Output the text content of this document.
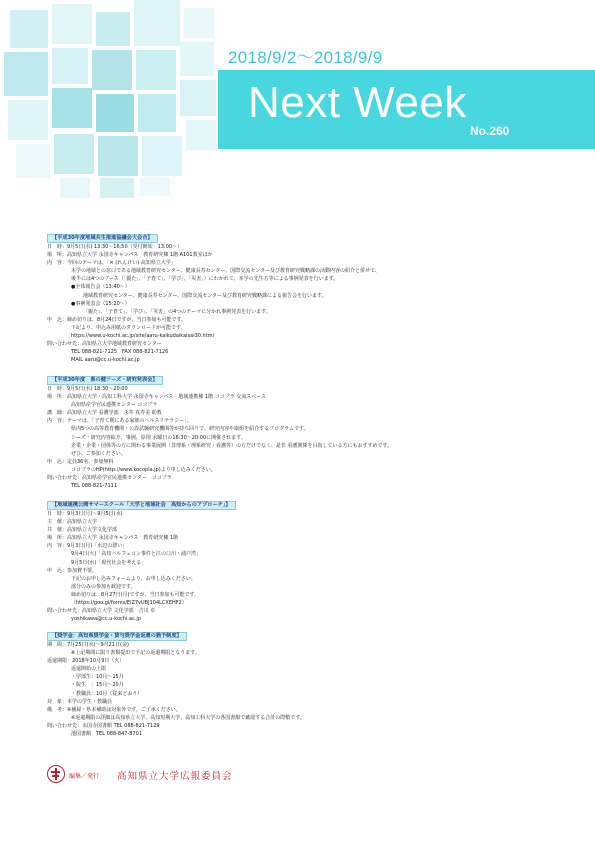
2018/9/2～2018/9/9
Next Week
No.260
【平成30年度地域共生推進協議会大会合】
日　時：9月5日(水) 13:30～16:50（受付開始　13:00～）
場　所：高知県立大学 永国寺キャンパス　教育研究棟 1階 A101教室ほか
内　容：今回のテーマは、「× (れんけい) 高知県立大学」
本学の地域との窓口である地域教育研究センター、健康長寿センター、国際交流センター及び教育研究戦略課の活動内容の紹介と併せて、
後半には4つのブース（「親た」、「子育て」、「学び」、「災害」）にわかれて、本学の先生方等による事例発表を行います。
●全体報告会（13:40～）
地域教育研究センター、健康長寿センター、国際交流センター及び教育研究戦略課による報告会を行います。
●事例発表会（15:20～）
「親た」、「子育て」、「学び」、「災害」の4つのテーマに分かれ事例発表を行います。
申　込：締め切りは、8月24日ですが、当日参加も可能です。
下記より、申込み用紙のダウンロードが可能です。
https://www.u-kochi.ac.jp/site/aaru-kaikudaikaisai30.html
問い合わせ先：高知県立大学地域教育研究センター
TEL 088-821-7125　FAX 088-821-7126
MAIL aaru@cc.u-kochi.ac.jp
【平成30年度　県の健ツーズ・研究発表会】
日　時：9月5日(水) 18:30～20:00
場　所：高知県立大学・高知工科大学 永国寺キャンパス　地域連携棟 1階 ココプラ 交流スペース
高知県産学官民連携センター ココプラ
講　師：高知県立大学 看護学部　永井 真寿美 助教
内　容：テーマは、「子育て期にある家族のヘルスリテラシー」。
県内5つの高等教育機関・公設試験研究機関等が持ち回りで、研究内容や取組を紹介するプログラムです。
シーズ・研究内容紹介、事例、原則 水曜日の18:30～20:00に開催されます。
企業・企業・団体等の方に関わる事業展開（非理系・理系研究・看護等）の方だけでなく、是非 看護関係を目指している方にもおすすめです。
ぜひ、ご参加ください。
申　込：定員36名、参加無料
ココプラのHP(http://www.kocopla.jp)より申し込みください。
問い合わせ先：高知県産学官民連携センター　ココプラ
TEL 088-821-7111
【地域連携公開サマースクール「大学と地域社会　高知からのアプローチ」】
日　時：9月3日(月)～9月5日(水)
主　催：高知県立大学
共　催：高知県立大学文化学部
場　所：高知県立大学 永国寺キャンパス　教育研究棟 1階
内　容：9月3日(月)「水辺の憩い」
9月4日(火)「高知ハルフェコン事件と江の口川・浦戸湾」
9月5日(水)「現代社会を考える」
申　込：参加費不要。
下記のお申し込みフォームより、お申し込みください。
部分のみの参加も歓迎です。
締め切りは、8月27日(月)ですが、当日参加も可能です。
（https://goo.gl/forms/EiZ7vUBJ104LCXEHF2）
問い合わせ先：高知県立大学 文化学部　吉川 卓
yoshikawa@cc.u-kochi.ac.jp
【奨学金：高知県奨学金・貸与奨学金返還の猶予制度】
期　間：7月25日(水)～9月21日(金)
※上記期間に限り書類提出で下記の返還期限となります。
返還期限：2018年10月9日（火）
返還開始の上限
・学部生：10月～15月
・院生　：15月～20月
・教職員：10月（従来どおり）
対　象：本学の学生・教職員
備　考：※補録・県本補助は対象外です。ご了承ください。
※返還期限の詳細は高知県立大学、高知短期大学、高知工科大学の各国書館で確認する合計の際敷です。
問い合わせ先：永国寺図書館 TEL 088-821-7129
池図書館　TEL 088-847-8701
編集／発行 高知県立大学広報委員会
